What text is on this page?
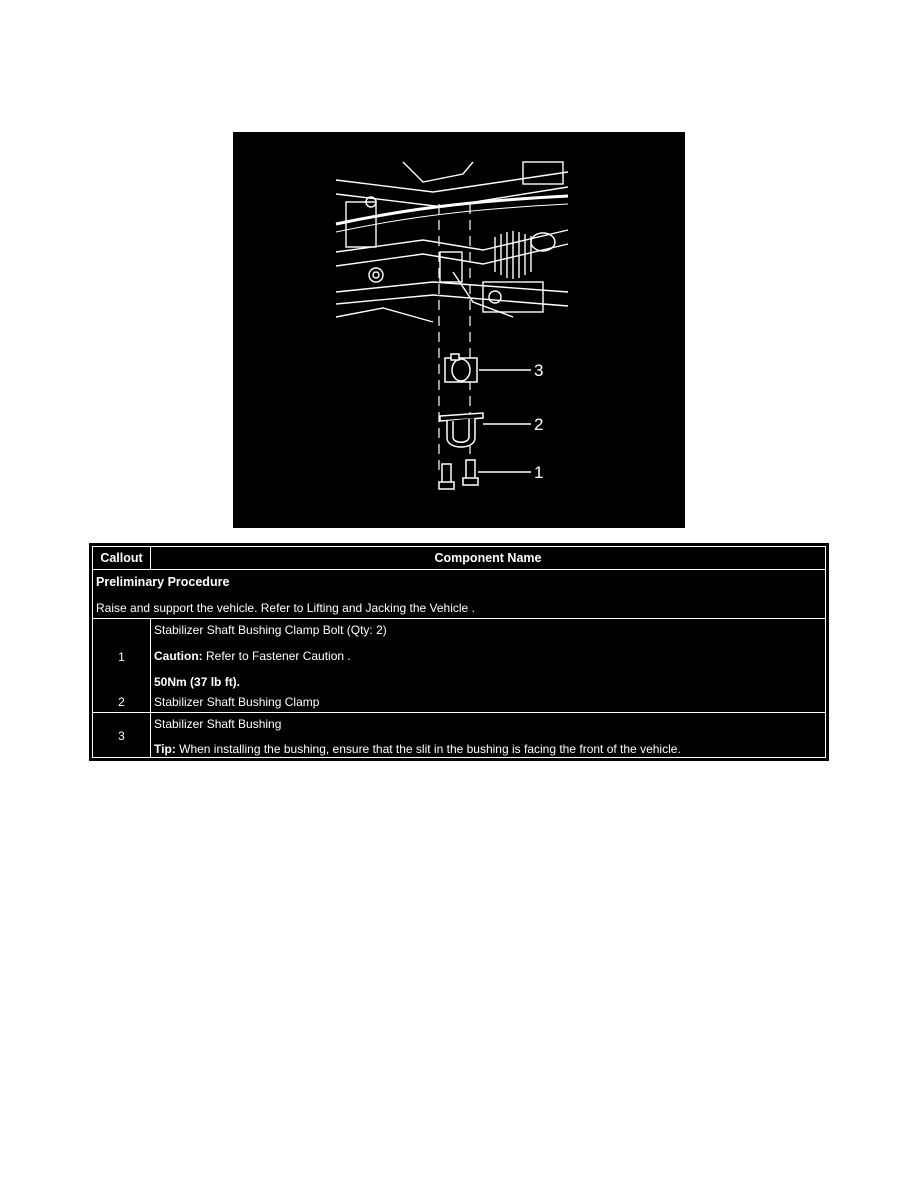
3
2
1
Callout	Component Name
Preliminary Procedure
Raise and support the vehicle. Refer to Lifting and Jacking the Vehicle .
1
2
Stabilizer Shaft Bushing Clamp Bolt (Qty: 2)
Caution: Refer to Fastener Caution .
50Nm (37 lb ft).
Stabilizer Shaft Bushing Clamp
3
Stabilizer Shaft Bushing
Tip: When installing the bushing, ensure that the slit in the bushing is facing the front of the vehicle.
